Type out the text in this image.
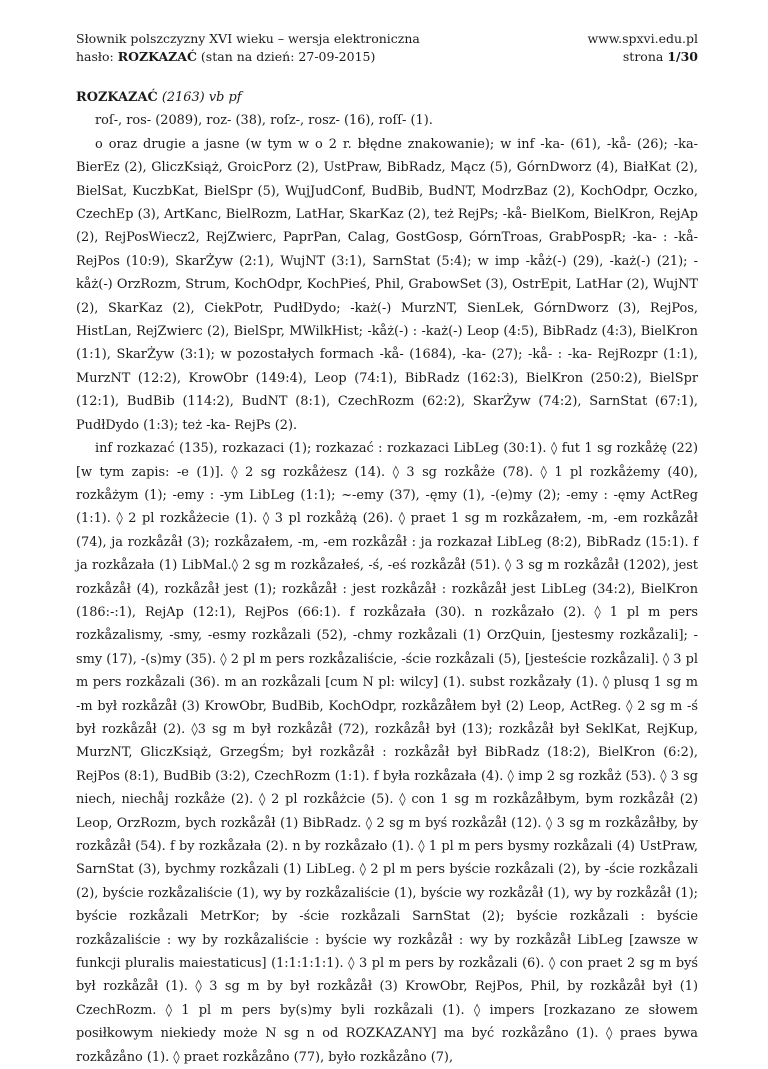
Słownik polszczyzny XVI wieku – wersja elektroniczna	www.spxvi.edu.pl
hasło: ROZKAZAĆ (stan na dzień: 27-09-2015)	strona 1/30

ROZKAZAĆ (2163) vb pf

roſ-, ros- (2089), roz- (38), roſz-, rosz- (16), roſſ- (1).

o oraz drugie a jasne (w tym w o 2 r. błędne znakowanie); w inf -ka- (61), -kå- (26); -ka- BierEz (2), GliczKsiąż, GroicPorz (2), UstPraw, BibRadz, Mącz (5), GórnDworz (4), BiałKat (2), BielSat, KuczbKat, BielSpr (5), WujJudConf, BudBib, BudNT, ModrzBaz (2), KochOdpr, Oczko, CzechEp (3), ArtKanc, BielRozm, LatHar, SkarKaz (2), też RejPs; -kå- BielKom, BielKron, RejAp (2), RejPosWiecz2, RejZwierc, PaprPan, Calag, GostGosp, GórnTroas, GrabPospR; -ka- : -kå- RejPos (10:9), SkarŻyw (2:1), WujNT (3:1), SarnStat (5:4); w imp -kåż(-) (29), -każ(-) (21); -kåż(-) OrzRozm, Strum, KochOdpr, KochPieś, Phil, GrabowSet (3), OstrEpit, LatHar (2), WujNT (2), SkarKaz (2), CiekPotr, PudłDydo; -każ(-) MurzNT, SienLek, GórnDworz (3), RejPos, HistLan, RejZwierc (2), BielSpr, MWilkHist; -kåż(-) : -każ(-) Leop (4:5), BibRadz (4:3), BielKron (1:1), SkarŻyw (3:1); w pozostałych formach -kå- (1684), -ka- (27); -kå- : -ka- RejRozpr (1:1), MurzNT (12:2), KrowObr (149:4), Leop (74:1), BibRadz (162:3), BielKron (250:2), BielSpr (12:1), BudBib (114:2), BudNT (8:1), CzechRozm (62:2), SkarŻyw (74:2), SarnStat (67:1), PudłDydo (1:3); też -ka- RejPs (2).

inf rozkazać (135), rozkazaci (1); rozkazać : rozkazaci LibLeg (30:1). ◊ fut 1 sg rozkåżę (22) [w tym zapis: -e (1)]. ◊ 2 sg rozkåżesz (14). ◊ 3 sg rozkåże (78). ◊ 1 pl rozkåżemy (40), rozkåżym (1); -emy : -ym LibLeg (1:1); ~-emy (37), -ęmy (1), -(e)my (2); -emy : -ęmy ActReg (1:1). ◊ 2 pl rozkåżecie (1). ◊ 3 pl rozkåżą (26). ◊ praet 1 sg m rozkåzałem, -m, -em rozkåzåł (74), ja rozkåzåł (3); rozkåzałem, -m, -em rozkåzåł : ja rozkazał LibLeg (8:2), BibRadz (15:1). f ja rozkåzała (1) LibMal.◊ 2 sg m rozkåzałeś, -ś, -eś rozkåzåł (51). ◊ 3 sg m rozkåzåł (1202), jest rozkåzåł (4), rozkåzåł jest (1); rozkåzåł : jest rozkåzåł : rozkåzåł jest LibLeg (34:2), BielKron (186:-:1), RejAp (12:1), RejPos (66:1). f rozkåzała (30). n rozkåzało (2). ◊ 1 pl m pers rozkåzalismy, -smy, -esmy rozkåzali (52), -chmy rozkåzali (1) OrzQuin, [jestesmy rozkåzali]; -smy (17), -(s)my (35). ◊ 2 pl m pers rozkåzaliście, -ście rozkåzali (5), [jesteście rozkåzali]. ◊ 3 pl m pers rozkåzali (36). m an rozkåzali [cum N pl: wilcy] (1). subst rozkåzały (1). ◊ plusq 1 sg m -m był rozkåzåł (3) KrowObr, BudBib, KochOdpr, rozkåzåłem był (2) Leop, ActReg. ◊ 2 sg m -ś był rozkåzåł (2). ◊3 sg m był rozkåzåł (72), rozkåzåł był (13); rozkåzåł był SeklKat, RejKup, MurzNT, GliczKsiąż, GrzegŚm; był rozkåzåł : rozkåzåł był BibRadz (18:2), BielKron (6:2), RejPos (8:1), BudBib (3:2), CzechRozm (1:1). f była rozkåzała (4). ◊ imp 2 sg rozkåż (53). ◊ 3 sg niech, niechåj rozkåże (2). ◊ 2 pl rozkåżcie (5). ◊ con 1 sg m rozkåzåłbym, bym rozkåzåł (2) Leop, OrzRozm, bych rozkåzåł (1) BibRadz. ◊ 2 sg m byś rozkåzåł (12). ◊ 3 sg m rozkåzåłby, by rozkåzåł (54). f by rozkåzała (2). n by rozkåzało (1). ◊ 1 pl m pers bysmy rozkåzali (4) UstPraw, SarnStat (3), bychmy rozkåzali (1) LibLeg. ◊ 2 pl m pers byście rozkåzali (2), by -ście rozkåzali (2), byście rozkåzaliście (1), wy by rozkåzaliście (1), byście wy rozkåzåł (1), wy by rozkåzåł (1); byście rozkåzali MetrKor; by -ście rozkåzali SarnStat (2); byście rozkåzali : byście rozkåzaliście : wy by rozkåzaliście : byście wy rozkåzåł : wy by rozkåzåł LibLeg [zawsze w funkcji pluralis maiestaticus] (1:1:1:1:1). ◊ 3 pl m pers by rozkåzali (6). ◊ con praet 2 sg m byś był rozkåzåł (1). ◊ 3 sg m by był rozkåzåł (3) KrowObr, RejPos, Phil, by rozkåzåł był (1) CzechRozm. ◊ 1 pl m pers by(s)my byli rozkåzali (1). ◊ impers [rozkazano ze słowem posiłkowym niekiedy może N sg n od ROZKAZANY] ma być rozkåzåno (1). ◊ praes bywa rozkåzåno (1). ◊ praet rozkåzåno (77), było rozkåzåno (7),
